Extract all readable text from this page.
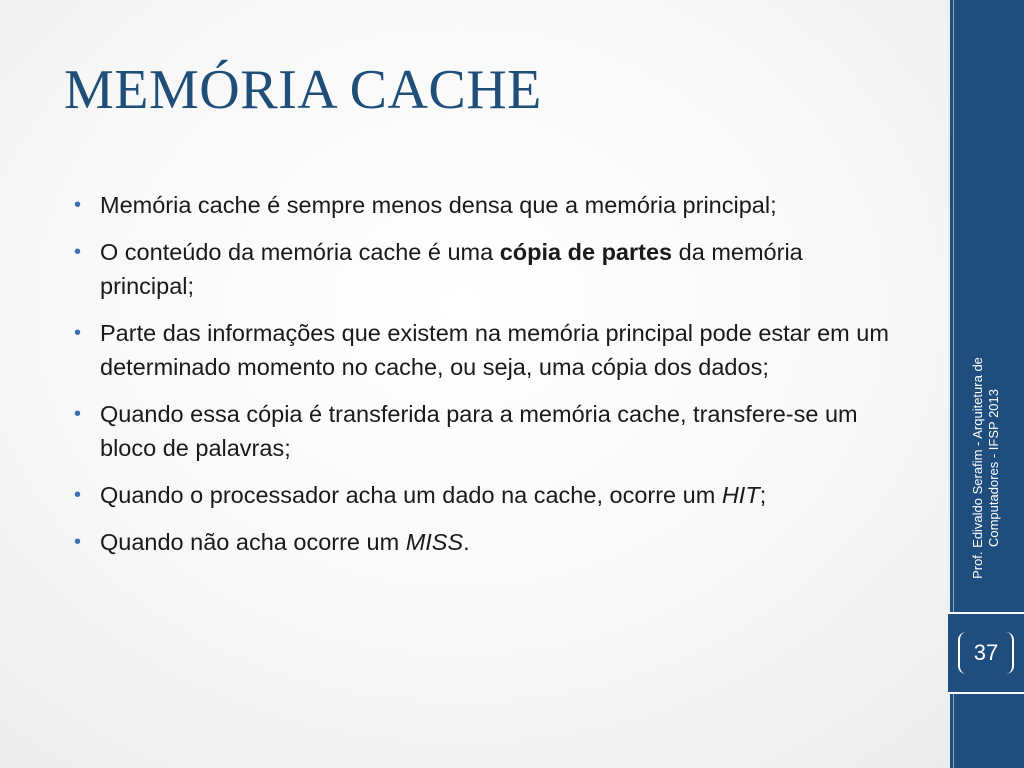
MEMÓRIA CACHE
• Memória cache é sempre menos densa que a memória principal;
• O conteúdo da memória cache é uma cópia de partes da memória principal;
• Parte das informações que existem na memória principal pode estar em um determinado momento no cache, ou seja, uma cópia dos dados;
• Quando essa cópia é transferida para a memória cache, transfere-se um bloco de palavras;
• Quando o processador acha um dado na cache, ocorre um HIT;
• Quando não acha ocorre um MISS.	Prof. Edivaldo Serafim - Arquitetura de Computadores - IFSP 2013
37
